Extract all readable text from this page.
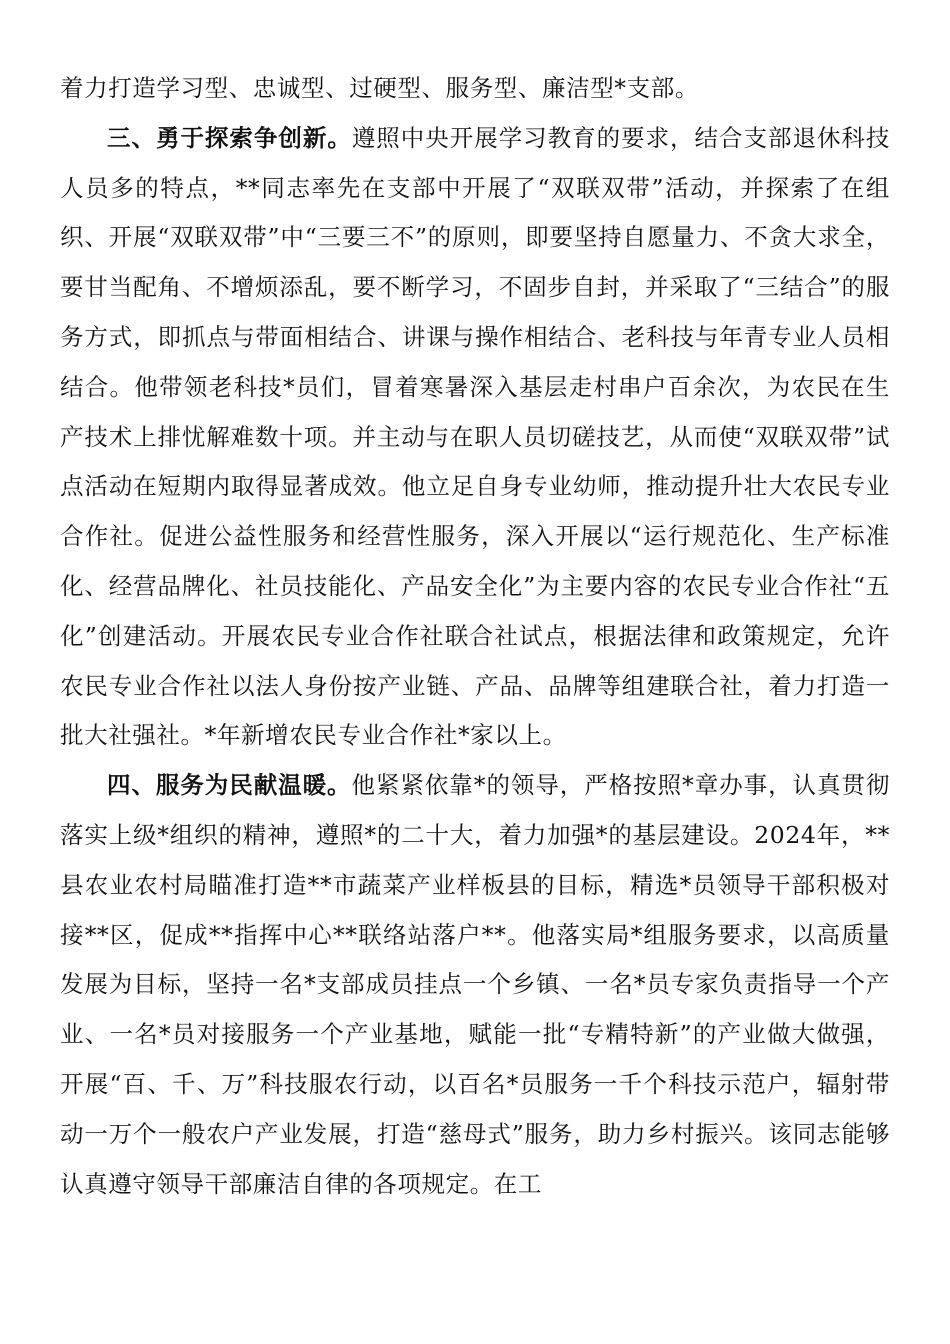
着力打造学习型、忠诚型、过硬型、服务型、廉洁型*支部。

三、勇于探索争创新。遵照中央开展学习教育的要求，结合支部退休科技人员多的特点，**同志率先在支部中开展了“双联双带”活动，并探索了在组织、开展“双联双带”中“三要三不”的原则，即要坚持自愿量力、不贪大求全，要甘当配角、不增烦添乱，要不断学习，不固步自封，并采取了“三结合”的服务方式，即抓点与带面相结合、讲课与操作相结合、老科技与年青专业人员相结合。他带领老科技*员们，冒着寒暑深入基层走村串户百余次，为农民在生产技术上排忧解难数十项。并主动与在职人员切磋技艺，从而使“双联双带”试点活动在短期内取得显著成效。他立足自身专业幼师，推动提升壮大农民专业合作社。促进公益性服务和经营性服务，深入开展以“运行规范化、生产标准化、经营品牌化、社员技能化、产品安全化”为主要内容的农民专业合作社“五化”创建活动。开展农民专业合作社联合社试点，根据法律和政策规定，允许农民专业合作社以法人身份按产业链、产品、品牌等组建联合社，着力打造一批大社强社。*年新增农民专业合作社*家以上。

四、服务为民献温暖。他紧紧依靠*的领导，严格按照*章办事，认真贯彻落实上级*组织的精神，遵照*的二十大，着力加强*的基层建设。2024年，**县农业农村局瞄准打造**市蔬菜产业样板县的目标，精选*员领导干部积极对接**区，促成**指挥中心**联络站落户**。他落实局*组服务要求，以高质量发展为目标，坚持一名*支部成员挂点一个乡镇、一名*员专家负责指导一个产业、一名*员对接服务一个产业基地，赋能一批“专精特新”的产业做大做强，开展“百、千、万”科技服农行动，以百名*员服务一千个科技示范户，辐射带动一万个一般农户产业发展，打造“慈母式”服务，助力乡村振兴。该同志能够认真遵守领导干部廉洁自律的各项规定。在工
